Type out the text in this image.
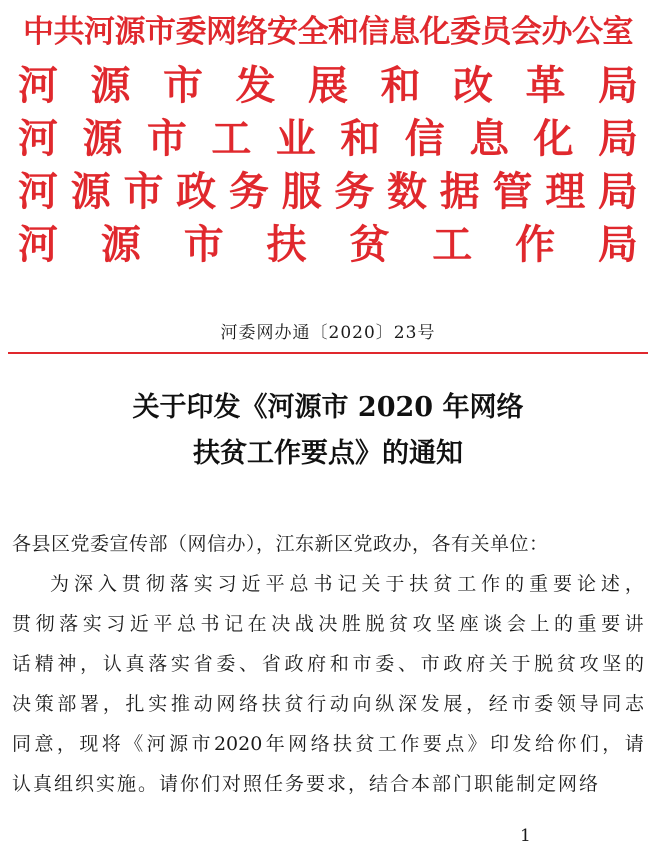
中共河源市委网络安全和信息化委员会办公室
河 源 市 发 展 和 改 革 局
河 源 市 工 业 和 信 息 化 局
河 源 市 政 务 服 务 数 据 管 理 局
河 源 市 扶 贫 工 作 局
河委网办通〔2020〕23号
关于印发《河源市 2020 年网络
扶贫工作要点》的通知
各县区党委宣传部（网信办），江东新区党政办，各有关单位：
为 深 入 贯 彻 落 实 习 近 平 总 书 记 关 于 扶 贫 工 作 的 重 要 论 述 ，
贯 彻 落 实 习 近 平 总 书 记 在 决 战 决 胜 脱 贫 攻 坚 座 谈 会 上 的 重 要 讲
话 精 神 ， 认 真 落 实 省 委 、 省 政 府 和 市 委 、 市 政 府 关 于 脱 贫 攻 坚 的
决 策 部 署 ， 扎 实 推 动 网 络 扶 贫 行 动 向 纵 深 发 展 ， 经 市 委 领 导 同 志
同 意 ， 现 将 《 河 源 市 2020 年 网 络 扶 贫 工 作 要 点 》 印 发 给 你 们 ， 请
认真组织实施。请你们对照任务要求，结合本部门职能制定网络
1
